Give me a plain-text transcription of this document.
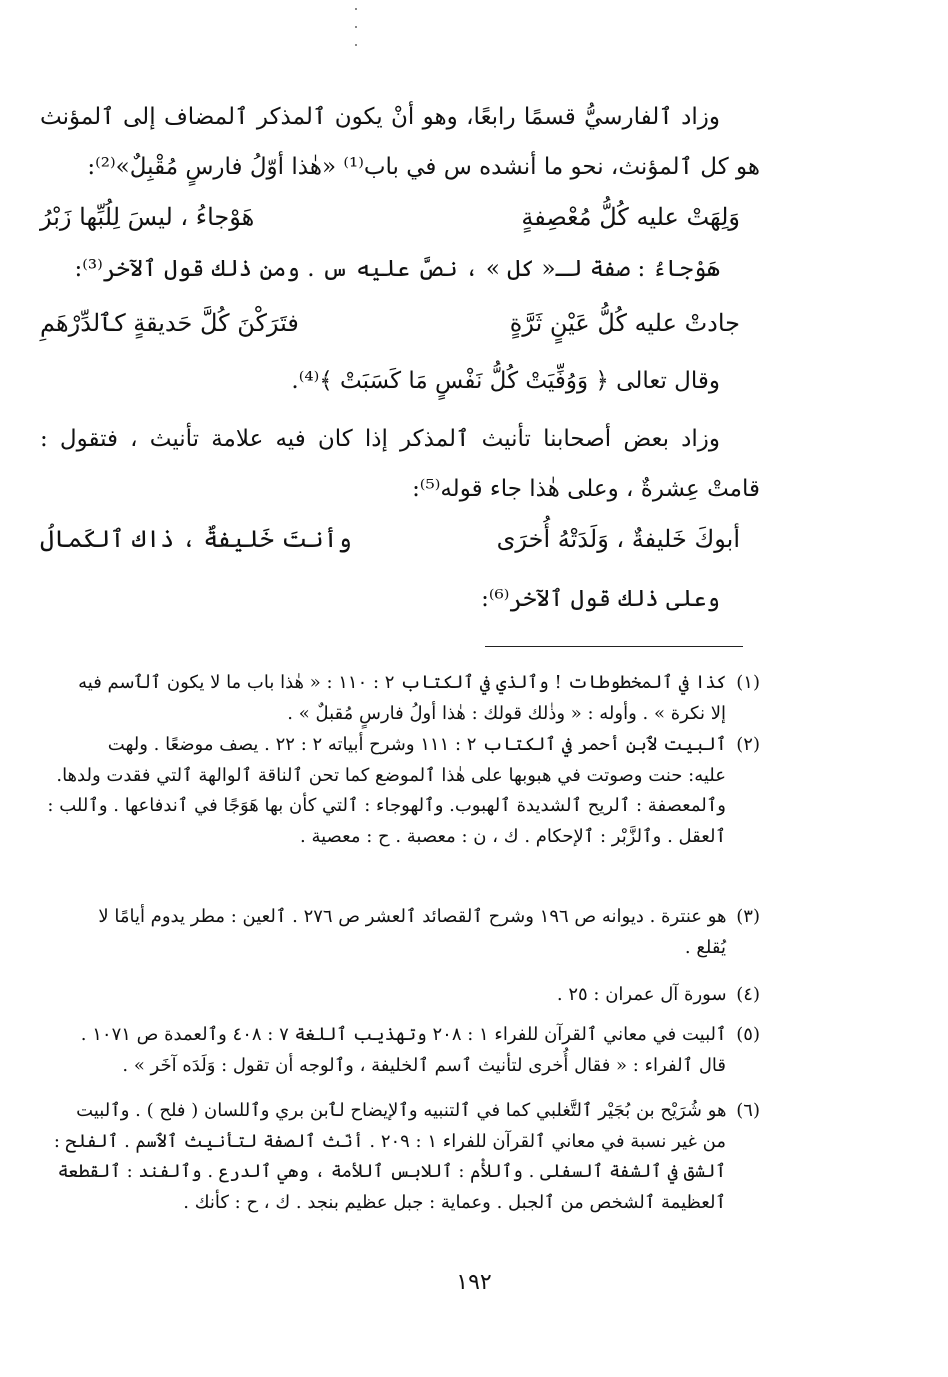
وزاد ٱلفارسيُّ قسمًا رابعًا، وهو أنْ يكون ٱلمذكر ٱلمضاف إلى ٱلمؤنث هو كل ٱلمؤنث، نحو ما أنشده س في باب⁽¹⁾ «هٰذا أوّلُ فارسٍ مُقْبِلٌ»⁽²⁾:
وَلِهَتْ عليه كُلُّ مُعْصِفةٍ
هَوْجاءُ ، ليسَ لِلُبِّها زَبْرُ
هَوْجاءُ : صفة لـ« كل » ، نصَّ عليه س . ومن ذٰلك قول ٱلآخر⁽³⁾:
جادتْ عليه كُلُّ عَيْنٍ ثَرَّةٍ
فتَرَكْنَ كُلَّ حَديقةٍ كٱلدِّرْهَمِ
وقال تعالى ﴿ وَوُفِّيَتْ كُلُّ نَفْسٍ مَا كَسَبَتْ ﴾⁽⁴⁾.
وزاد بعض أصحابنا تأنيث ٱلمذكر إذا كان فيه علامة تأنيث ، فتقول : قامتْ عِشرةٌ ، وعلى هٰذا جاء قوله⁽⁵⁾:
أبوكَ خَليفةٌ ، وَلَدَتْهُ أُخرَى
وأنتَ خَليفةٌ ، ذاك ٱلكَمالُ
وعلى ذٰلك قول ٱلآخر⁽⁶⁾:
(١) كذا في ٱلمخطوطات ! وٱلذي في ٱلكتاب ٢ : ١١٠ : « هٰذا باب ما لا يكون ٱلٱسم فيه
إلا نكرة » . وأوله : « وذٰلك قولك : هٰذا أولُ فارسٍ مُقبلٌ » .
(٢) ٱلبيت لٱبن أحمر في ٱلكتاب ٢ : ١١١ وشرح أبياته ٢ : ٢٢ . يصف موضعًا . ولهت
عليه: حنت وصوتت في هبوبها على هٰذا ٱلموضع كما تحن ٱلناقة ٱلوالهة ٱلتي فقدت ولدها.
وٱلمعصفة : ٱلريح ٱلشديدة ٱلهبوب. وٱلهوجاء : ٱلتي كأن بها هَوَجًا في ٱندفاعها . وٱللب :
ٱلعقل . وٱلزَّبْر : ٱلإحكام . ك ، ن : معصبة . ح : معصية .
(٣) هو عنترة . ديوانه ص ١٩٦ وشرح ٱلقصائد ٱلعشر ص ٢٧٦ . ٱلعين : مطر يدوم أيامًا لا
يُقلع .
(٤) سورة آل عمران : ٢٥ .
(٥) ٱلبيت في معاني ٱلقرآن للفراء ١ : ٢٠٨ وتهذيب ٱللغة ٧ : ٤٠٨ وٱلعمدة ص ١٠٧١ .
قال ٱلفراء : « فقال أُخرى لتأنيث ٱسم ٱلخليفة ، وٱلوجه أن تقول : وَلَدَه آخَر » .
(٦) هو شُرَيْح بن بُجَيْر ٱلتَّغلبي كما في ٱلتنبيه وٱلإيضاح لٱبن بري وٱللسان ( فلح ) . وٱلبيت
من غير نسبة في معاني ٱلقرآن للفراء ١ : ٢٠٩ . أنّث ٱلصفة لتأنيث ٱلٱسم . ٱلفلح :
ٱلشق في ٱلشفة ٱلسفلى . وٱللأْم : ٱللابس ٱللأمة ، وهي ٱلدرع . وٱلفند : ٱلقطعة
ٱلعظيمة ٱلشخص من ٱلجبل . وعماية : جبل عظيم بنجد . ك ، ح : كأنك .
١٩٢
